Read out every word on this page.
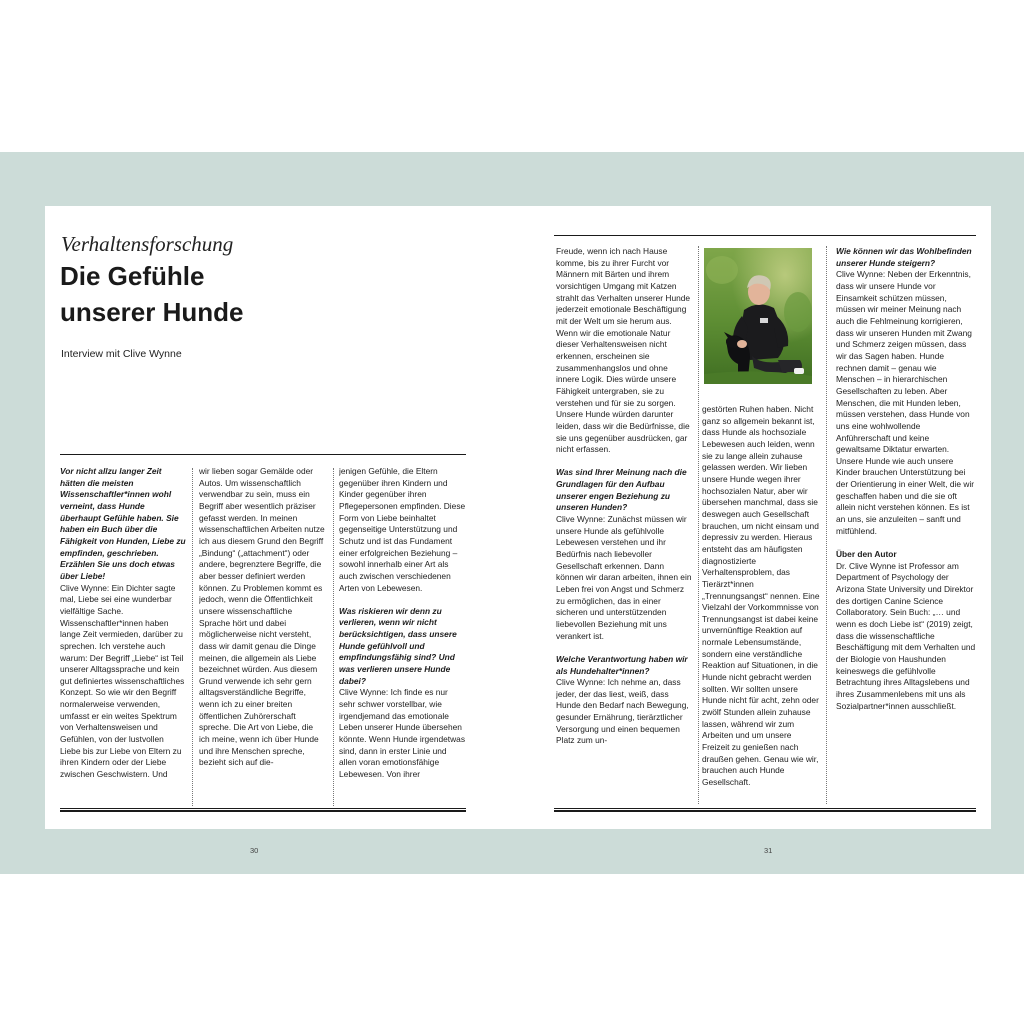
Verhaltensforschung
Die Gefühle
unserer Hunde
Interview mit Clive Wynne

Vor nicht allzu langer Zeit hätten die meisten Wissenschaftler*innen wohl verneint, dass Hunde überhaupt Gefühle haben. Sie haben ein Buch über die Fähigkeit von Hunden, Liebe zu empfinden, geschrieben. Erzählen Sie uns doch etwas über Liebe!

Clive Wynne: Ein Dichter sagte mal, Liebe sei eine wunderbar vielfältige Sache. Wissenschaftler*innen haben lange Zeit vermieden, darüber zu sprechen. Ich verstehe auch warum: Der Begriff „Liebe“ ist Teil unserer Alltagssprache und kein gut definiertes wissenschaftliches Konzept. So wie wir den Begriff normalerweise verwenden, umfasst er ein weites Spektrum von Verhaltensweisen und Gefühlen, von der lustvollen Liebe bis zur Liebe von Eltern zu ihren Kindern oder der Liebe zwischen Geschwistern. Und

wir lieben sogar Gemälde oder Autos. Um wissenschaftlich verwendbar zu sein, muss ein Begriff aber wesentlich präziser gefasst werden. In meinen wissenschaftlichen Arbeiten nutze ich aus diesem Grund den Begriff „Bindung“ („attachment“) oder andere, begrenztere Begriffe, die aber besser definiert werden können. Zu Problemen kommt es jedoch, wenn die Öffentlichkeit unsere wissenschaftliche Sprache hört und dabei möglicherweise nicht versteht, dass wir damit genau die Dinge meinen, die allgemein als Liebe bezeichnet würden. Aus diesem Grund verwende ich sehr gern alltagsverständliche Begriffe, wenn ich zu einer breiten öffentlichen Zuhörerschaft spreche. Die Art von Liebe, die ich meine, wenn ich über Hunde und ihre Menschen spreche, bezieht sich auf die-

jenigen Gefühle, die Eltern gegenüber ihren Kindern und Kinder gegenüber ihren Pflegepersonen empfinden. Diese Form von Liebe beinhaltet gegenseitige Unterstützung und Schutz und ist das Fundament einer erfolgreichen Beziehung – sowohl innerhalb einer Art als auch zwischen verschiedenen Arten von Lebewesen.

Was riskieren wir denn zu verlieren, wenn wir nicht berücksichtigen, dass unsere Hunde gefühlvoll und empfindungsfähig sind? Und was verlieren unsere Hunde dabei?

Clive Wynne: Ich finde es nur sehr schwer vorstellbar, wie irgendjemand das emotionale Leben unserer Hunde übersehen könnte. Wenn Hunde irgendetwas sind, dann in erster Linie und allen voran emotionsfähige Lebewesen. Von ihrer

Freude, wenn ich nach Hause komme, bis zu ihrer Furcht vor Männern mit Bärten und ihrem vorsichtigen Umgang mit Katzen strahlt das Verhalten unserer Hunde jederzeit emotionale Beschäftigung mit der Welt um sie herum aus. Wenn wir die emotionale Natur dieser Verhaltensweisen nicht erkennen, erscheinen sie zusammenhangslos und ohne innere Logik. Dies würde unsere Fähigkeit untergraben, sie zu verstehen und für sie zu sorgen. Unsere Hunde würden darunter leiden, dass wir die Bedürfnisse, die sie uns gegenüber ausdrücken, gar nicht erfassen.

Was sind Ihrer Meinung nach die Grundlagen für den Aufbau unserer engen Beziehung zu unseren Hunden?

Clive Wynne: Zunächst müssen wir unsere Hunde als gefühlvolle Lebewesen verstehen und ihr Bedürfnis nach liebevoller Gesellschaft erkennen. Dann können wir daran arbeiten, ihnen ein Leben frei von Angst und Schmerz zu ermöglichen, das in einer sicheren und unterstützenden liebevollen Beziehung mit uns verankert ist.

Welche Verantwortung haben wir als Hundehalter*innen?

Clive Wynne: Ich nehme an, dass jeder, der das liest, weiß, dass Hunde den Bedarf nach Bewegung, gesunder Ernährung, tierärztlicher Versorgung und einen bequemen Platz zum un-

gestörten Ruhen haben. Nicht ganz so allgemein bekannt ist, dass Hunde als hochsoziale Lebewesen auch leiden, wenn sie zu lange allein zuhause gelassen werden. Wir lieben unsere Hunde wegen ihrer hochsozialen Natur, aber wir übersehen manchmal, dass sie deswegen auch Gesellschaft brauchen, um nicht einsam und depressiv zu werden. Hieraus entsteht das am häufigsten diagnostizierte Verhaltensproblem, das Tierärzt*innen „Trennungsangst“ nennen. Eine Vielzahl der Vorkommnisse von Trennungsangst ist dabei keine unvernünftige Reaktion auf normale Lebensumstände, sondern eine verständliche Reaktion auf Situationen, in die Hunde nicht gebracht werden sollten. Wir sollten unsere Hunde nicht für acht, zehn oder zwölf Stunden allein zuhause lassen, während wir zum Arbeiten und um unsere Freizeit zu genießen nach draußen gehen. Genau wie wir, brauchen auch Hunde Gesellschaft.

Wie können wir das Wohlbefinden unserer Hunde steigern?

Clive Wynne: Neben der Erkenntnis, dass wir unsere Hunde vor Einsamkeit schützen müssen, müssen wir meiner Meinung nach auch die Fehlmeinung korrigieren, dass wir unseren Hunden mit Zwang und Schmerz zeigen müssen, dass wir das Sagen haben. Hunde rechnen damit – genau wie Menschen – in hierarchischen Gesellschaften zu leben. Aber Menschen, die mit Hunden leben, müssen verstehen, dass Hunde von uns eine wohlwollende Anführerschaft und keine gewaltsame Diktatur erwarten. Unsere Hunde wie auch unsere Kinder brauchen Unterstützung bei der Orientierung in einer Welt, die wir geschaffen haben und die sie oft allein nicht verstehen können. Es ist an uns, sie anzuleiten – sanft und mitfühlend.

Über den Autor

Dr. Clive Wynne ist Professor am Department of Psychology der Arizona State University und Direktor des dortigen Canine Science Collaboratory. Sein Buch: „… und wenn es doch Liebe ist“ (2019) zeigt, dass die wissenschaftliche Beschäftigung mit dem Verhalten und der Biologie von Haushunden keineswegs die gefühlvolle Betrachtung ihres Alltagslebens und ihres Zusammenlebens mit uns als Sozialpartner*innen ausschließt.

30	31
